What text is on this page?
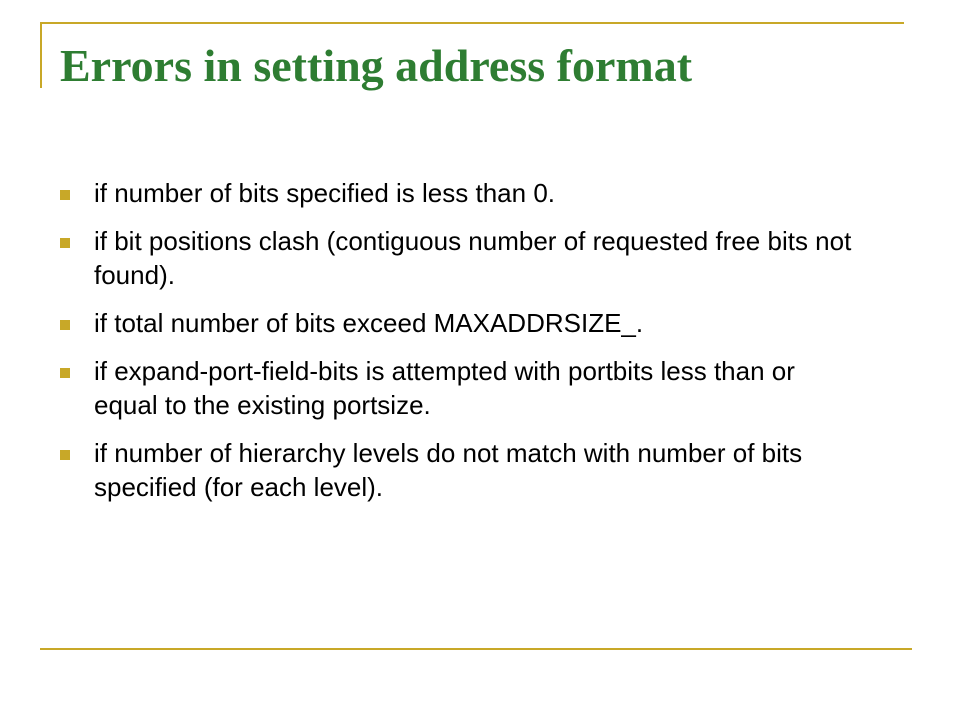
Errors in setting address format
if number of bits specified is less than 0.
if bit positions clash (contiguous number of requested free bits not found).
if total number of bits exceed MAXADDRSIZE_.
if expand-port-field-bits is attempted with portbits less than or equal to the existing portsize.
if number of hierarchy levels do not match with number of bits specified (for each level).
